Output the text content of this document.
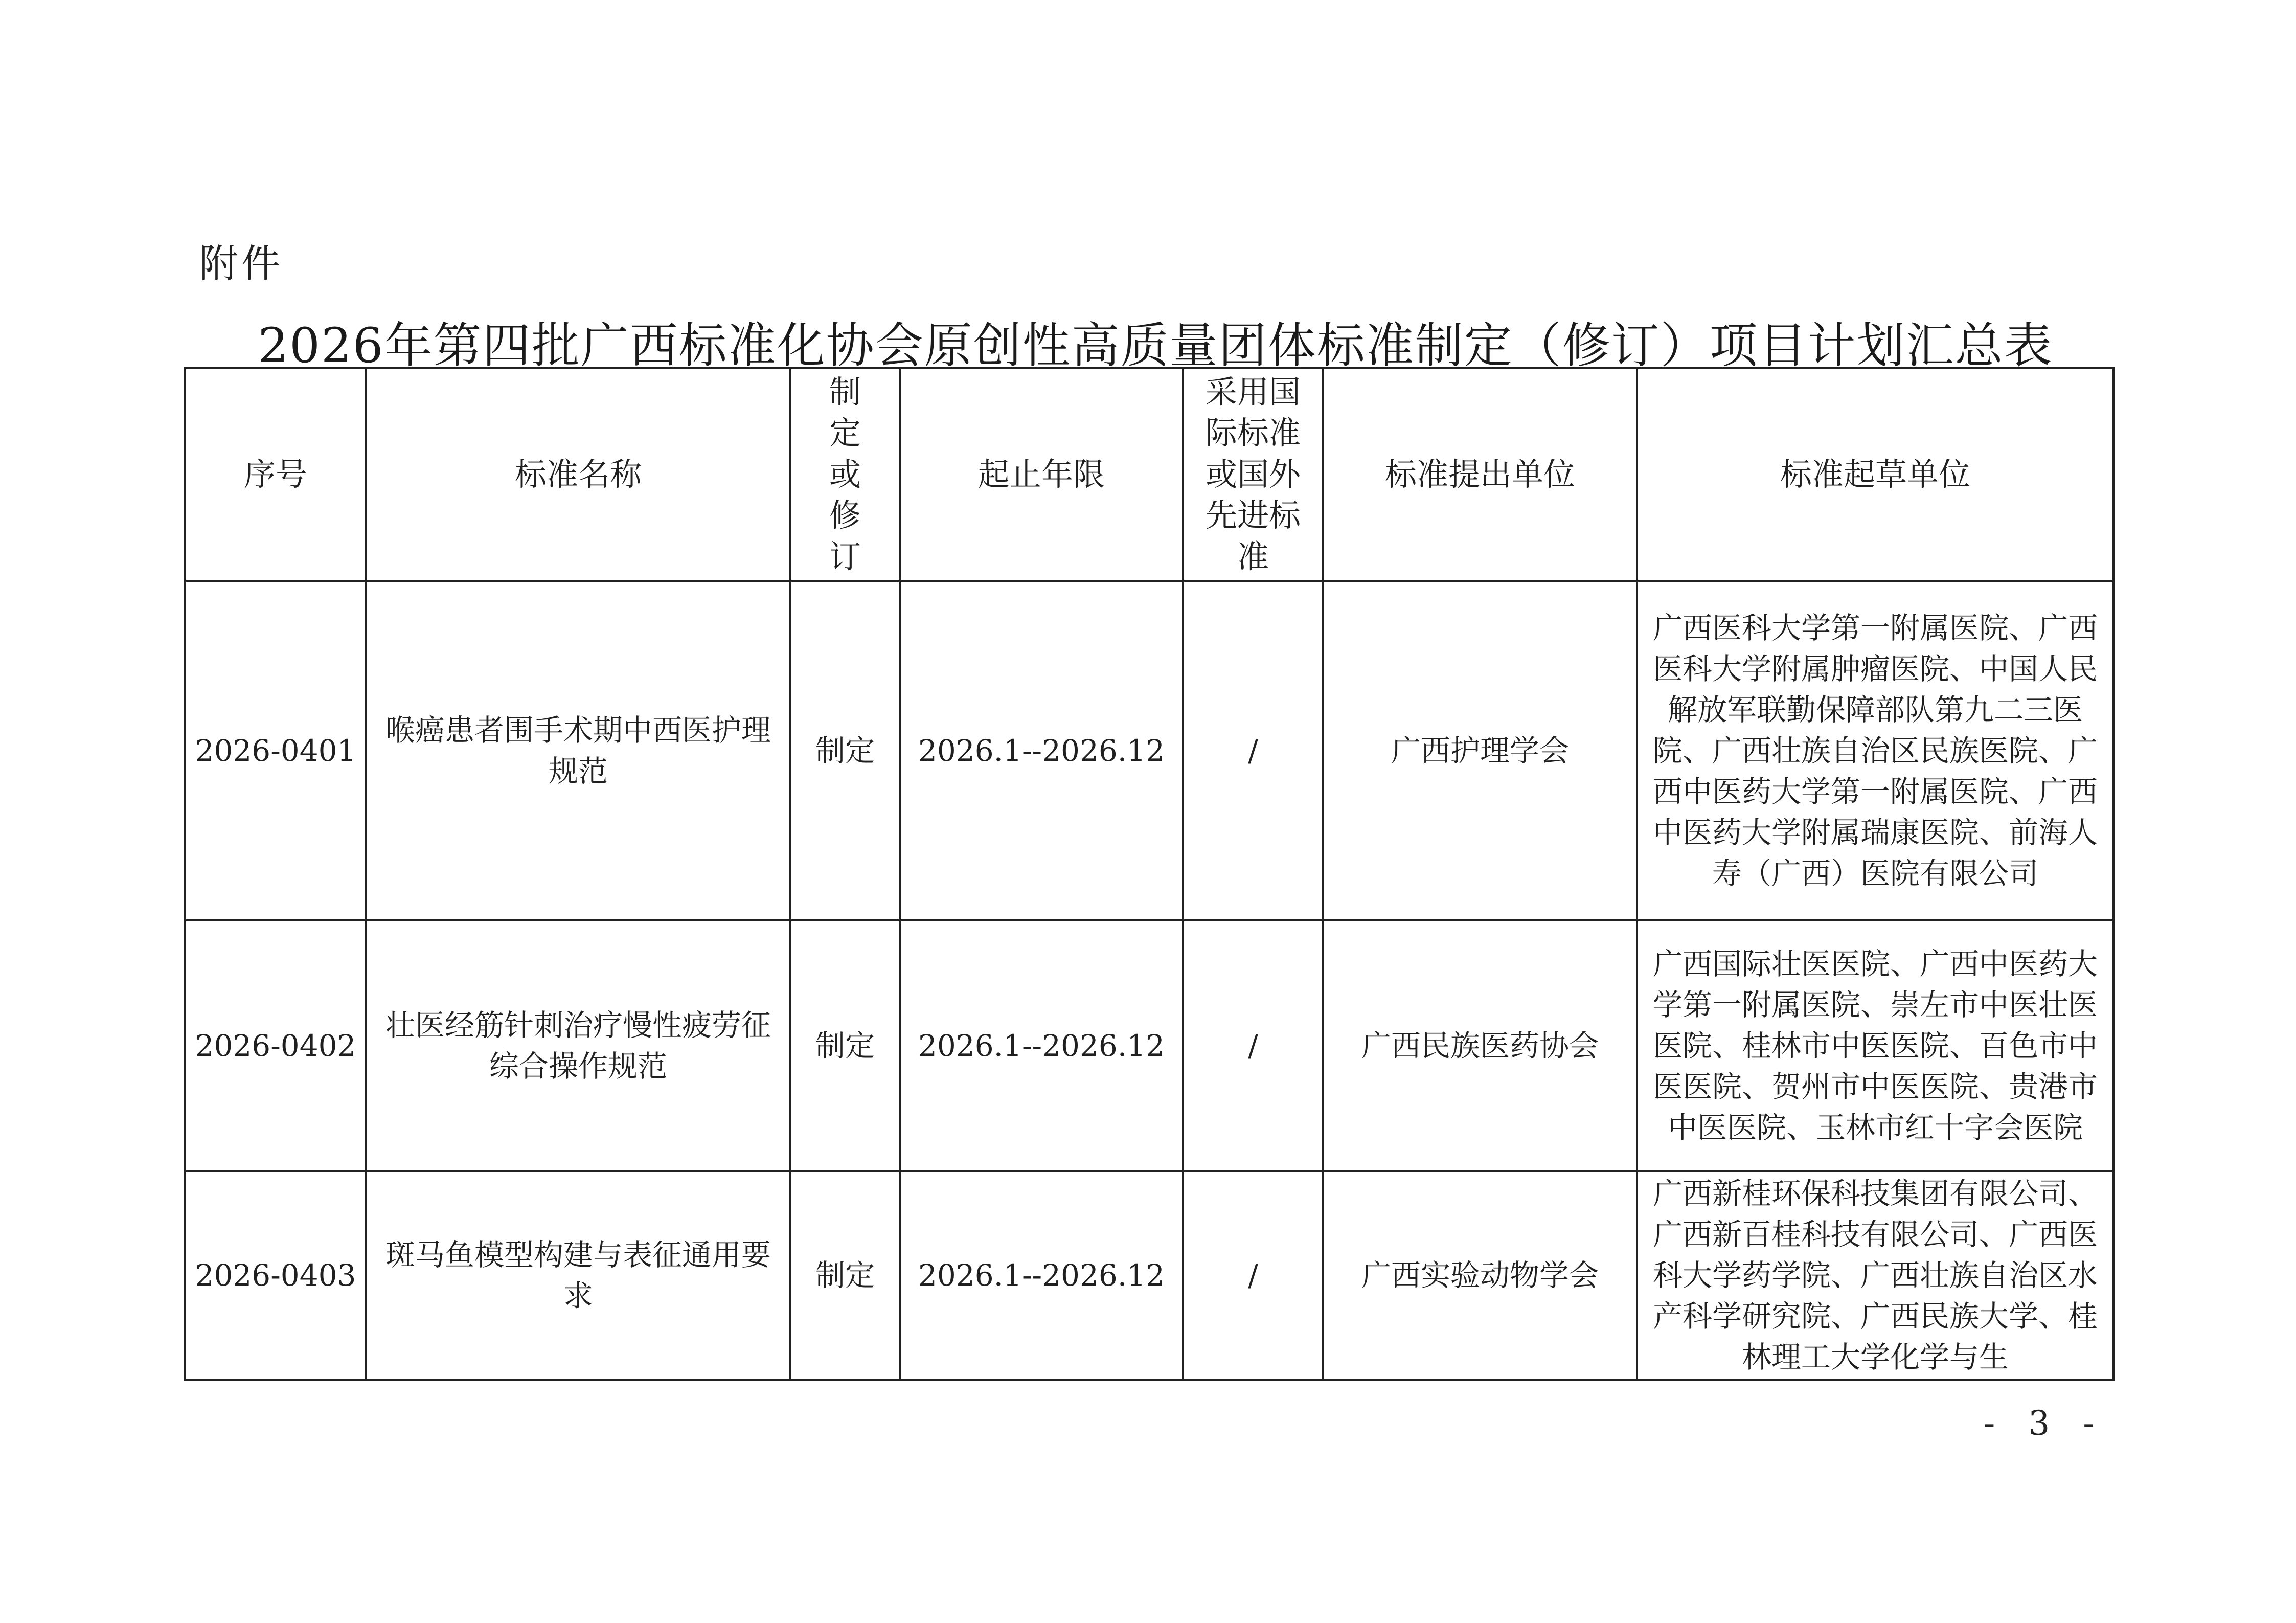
附件
2026年第四批广西标准化协会原创性高质量团体标准制定（修订）项目计划汇总表
序号	标准名称	制定或修订	起止年限	采用国际标准或国外先进标准	标准提出单位	标准起草单位
2026-0401	喉癌患者围手术期中西医护理规范	制定	2026.1--2026.12	/	广西护理学会	广西医科大学第一附属医院、广西医科大学附属肿瘤医院、中国人民解放军联勤保障部队第九二三医院、广西壮族自治区民族医院、广西中医药大学第一附属医院、广西中医药大学附属瑞康医院、前海人寿（广西）医院有限公司
2026-0402	壮医经筋针刺治疗慢性疲劳征综合操作规范	制定	2026.1--2026.12	/	广西民族医药协会	广西国际壮医医院、广西中医药大学第一附属医院、崇左市中医壮医医院、桂林市中医医院、百色市中医医院、贺州市中医医院、贵港市中医医院、玉林市红十字会医院
2026-0403	斑马鱼模型构建与表征通用要求	制定	2026.1--2026.12	/	广西实验动物学会	广西新桂环保科技集团有限公司、广西新百桂科技有限公司、广西医科大学药学院、广西壮族自治区水产科学研究院、广西民族大学、桂林理工大学化学与生
- 3 -
